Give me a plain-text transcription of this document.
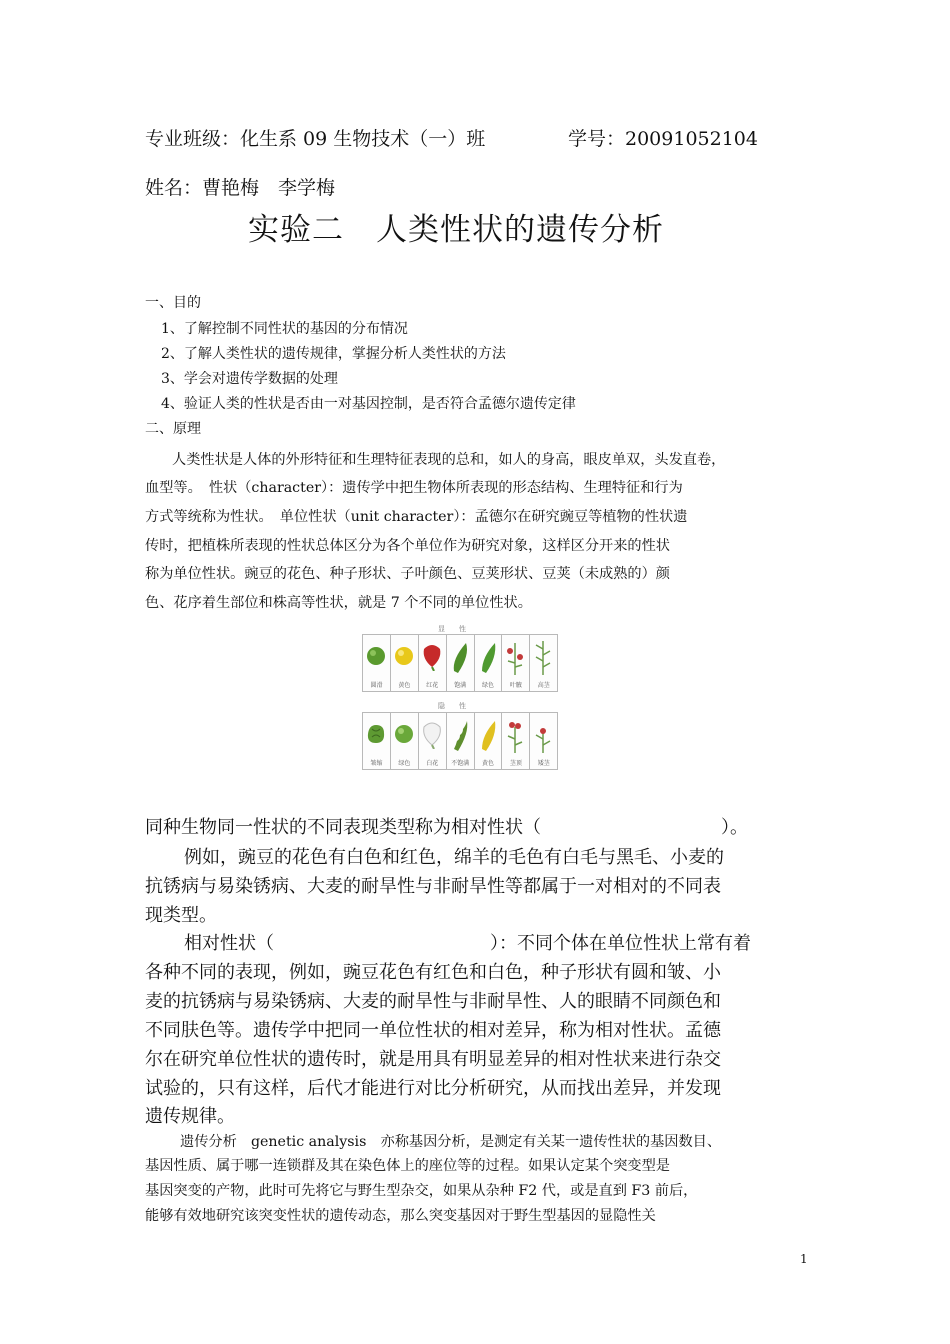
专业班级：化生系 09 生物技术（一）班	学号：20091052104
姓名：曹艳梅　李学梅
实验二　人类性状的遗传分析
一、目的
1、了解控制不同性状的基因的分布情况
2、了解人类性状的遗传规律，掌握分析人类性状的方法
3、学会对遗传学数据的处理
4、验证人类的性状是否由一对基因控制，是否符合孟德尔遗传定律
二、原理
人类性状是人体的外形特征和生理特征表现的总和，如人的身高，眼皮单双，头发直卷，
血型等。　性状（character）：遗传学中把生物体所表现的形态结构、生理特征和行为
方式等统称为性状。　单位性状（unit character）：孟德尔在研究豌豆等植物的性状遗
传时，把植株所表现的性状总体区分为各个单位作为研究对象，这样区分开来的性状
称为单位性状。豌豆的花色、种子形状、子叶颜色、豆荚形状、豆荚（未成熟的）颜
色、花序着生部位和株高等性状，就是 7 个不同的单位性状。
显　　性
圆滑	黄色	红花	饱满	绿色	叶腋	高茎
隐　　性
皱缩	绿色	白花	不饱满	黄色	茎顶	矮茎
同种生物同一性状的不同表现类型称为相对性状（　　　　　　　　　　）。
例如，豌豆的花色有白色和红色，绵羊的毛色有白毛与黑毛、小麦的
抗锈病与易染锈病、大麦的耐旱性与非耐旱性等都属于一对相对的不同表
现类型。
相对性状（　　　　　　　　　　　　）：不同个体在单位性状上常有着
各种不同的表现，例如，豌豆花色有红色和白色，种子形状有圆和皱、小
麦的抗锈病与易染锈病、大麦的耐旱性与非耐旱性、人的眼睛不同颜色和
不同肤色等。遗传学中把同一单位性状的相对差异，称为相对性状。孟德
尔在研究单位性状的遗传时，就是用具有明显差异的相对性状来进行杂交
试验的，只有这样，后代才能进行对比分析研究，从而找出差异，并发现
遗传规律。
遗传分析　genetic analysis　亦称基因分析，是测定有关某一遗传性状的基因数目、
基因性质、属于哪一连锁群及其在染色体上的座位等的过程。如果认定某个突变型是
基因突变的产物，此时可先将它与野生型杂交，如果从杂种 F2 代，或是直到 F3 前后，
能够有效地研究该突变性状的遗传动态，那么突变基因对于野生型基因的显隐性关
1
